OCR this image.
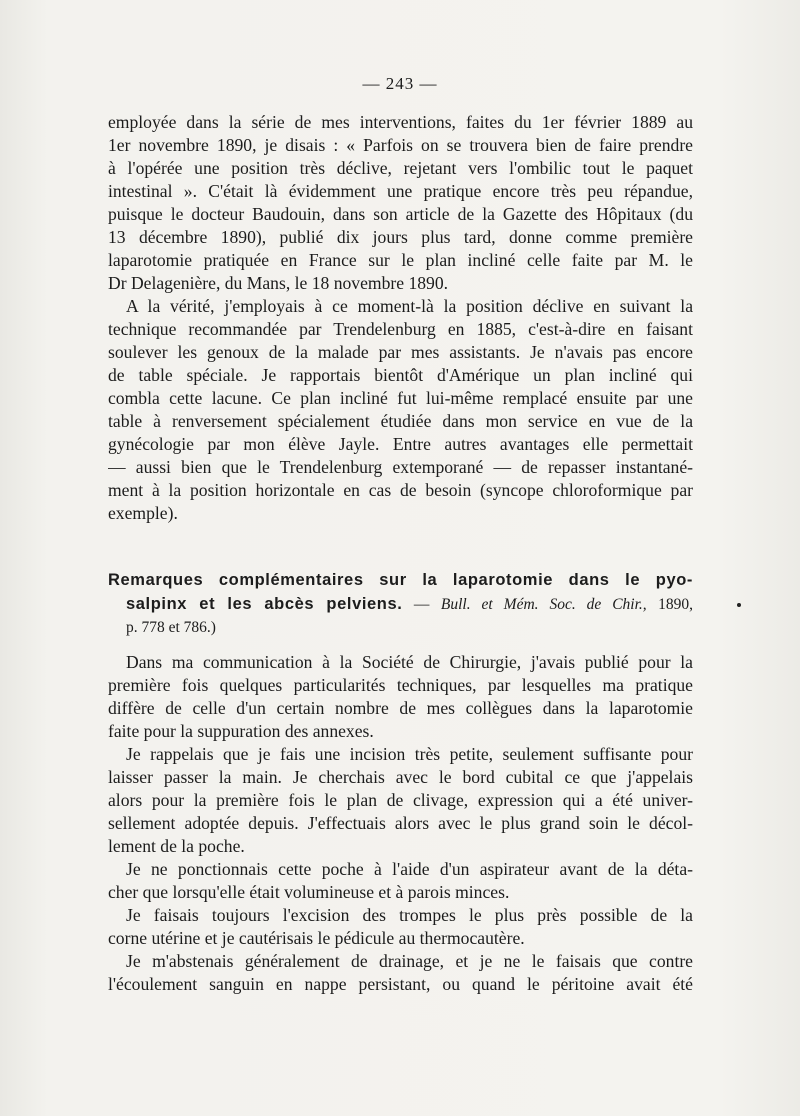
— 243 —
employée dans la série de mes interventions, faites du 1er février 1889 au
1er novembre 1890, je disais : « Parfois on se trouvera bien de faire prendre
à l'opérée une position très déclive, rejetant vers l'ombilic tout le paquet
intestinal ». C'était là évidemment une pratique encore très peu répandue,
puisque le docteur Baudouin, dans son article de la Gazette des Hôpitaux (du
13 décembre 1890), publié dix jours plus tard, donne comme première
laparotomie pratiquée en France sur le plan incliné celle faite par M. le
Dr Delagenière, du Mans, le 18 novembre 1890.
A la vérité, j'employais à ce moment-là la position déclive en suivant la
technique recommandée par Trendelenburg en 1885, c'est-à-dire en faisant
soulever les genoux de la malade par mes assistants. Je n'avais pas encore
de table spéciale. Je rapportais bientôt d'Amérique un plan incliné qui
combla cette lacune. Ce plan incliné fut lui-même remplacé ensuite par une
table à renversement spécialement étudiée dans mon service en vue de la
gynécologie par mon élève Jayle. Entre autres avantages elle permettait
— aussi bien que le Trendelenburg extemporané — de repasser instantané-
ment à la position horizontale en cas de besoin (syncope chloroformique par
exemple).
Remarques complémentaires sur la laparotomie dans le pyo-
salpinx et les abcès pelviens. — Bull. et Mém. Soc. de Chir., 1890,
p. 778 et 786.)
Dans ma communication à la Société de Chirurgie, j'avais publié pour la
première fois quelques particularités techniques, par lesquelles ma pratique
diffère de celle d'un certain nombre de mes collègues dans la laparotomie
faite pour la suppuration des annexes.
Je rappelais que je fais une incision très petite, seulement suffisante pour
laisser passer la main. Je cherchais avec le bord cubital ce que j'appelais
alors pour la première fois le plan de clivage, expression qui a été univer-
sellement adoptée depuis. J'effectuais alors avec le plus grand soin le décol-
lement de la poche.
Je ne ponctionnais cette poche à l'aide d'un aspirateur avant de la déta-
cher que lorsqu'elle était volumineuse et à parois minces.
Je faisais toujours l'excision des trompes le plus près possible de la
corne utérine et je cautérisais le pédicule au thermocautère.
Je m'abstenais généralement de drainage, et je ne le faisais que contre
l'écoulement sanguin en nappe persistant, ou quand le péritoine avait été
